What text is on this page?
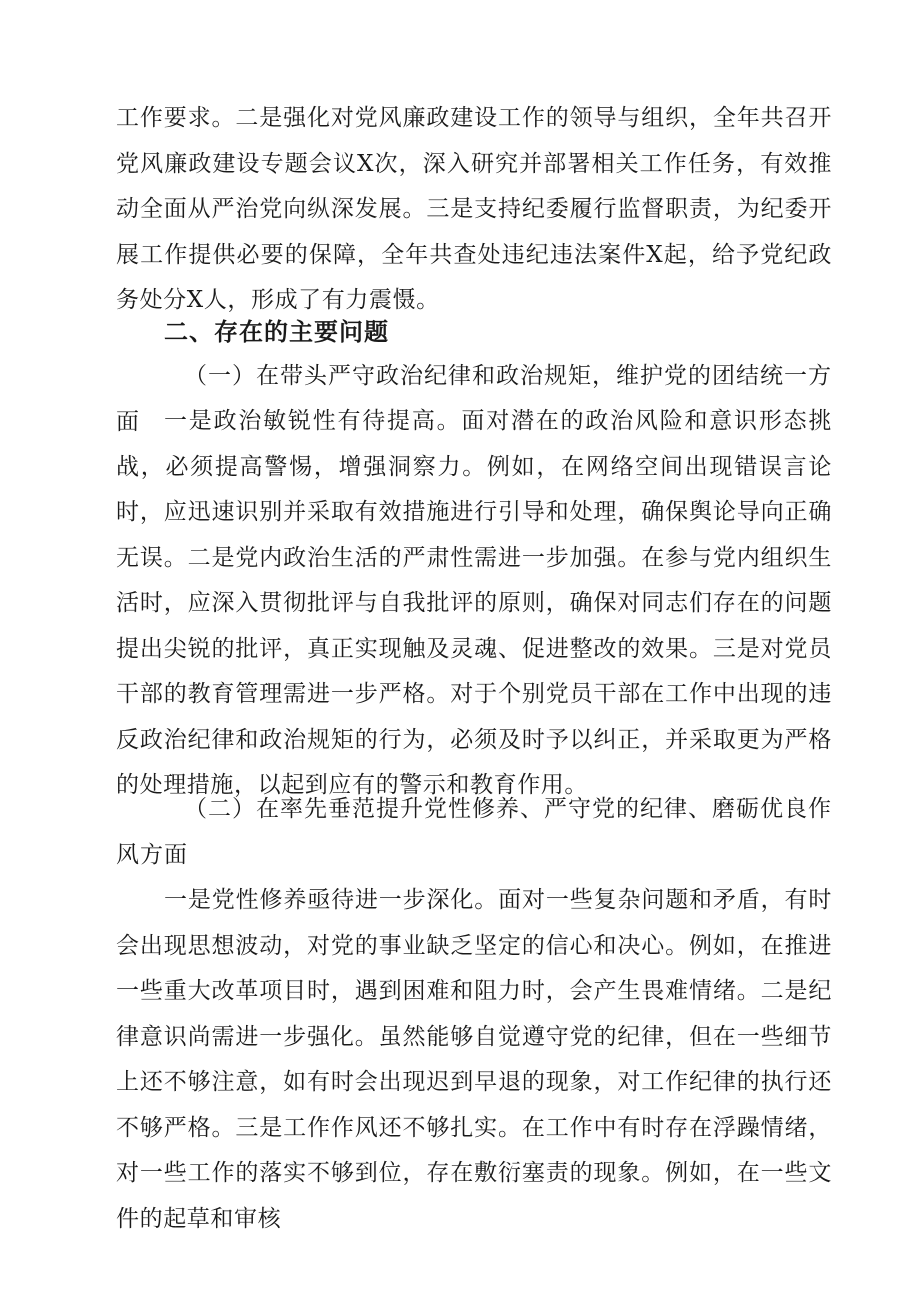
工作要求。二是强化对党风廉政建设工作的领导与组织，全年共召开党风廉政建设专题会议X次，深入研究并部署相关工作任务，有效推动全面从严治党向纵深发展。三是支持纪委履行监督职责，为纪委开展工作提供必要的保障，全年共查处违纪违法案件X起，给予党纪政务处分X人，形成了有力震慑。
二、存在的主要问题
（一）在带头严守政治纪律和政治规矩，维护党的团结统一方面	一是政治敏锐性有待提高。面对潜在的政治风险和意识形态挑战，必须提高警惕，增强洞察力。例如，在网络空间出现错误言论时，应迅速识别并采取有效措施进行引导和处理，确保舆论导向正确无误。二是党内政治生活的严肃性需进一步加强。在参与党内组织生活时，应深入贯彻批评与自我批评的原则，确保对同志们存在的问题提出尖锐的批评，真正实现触及灵魂、促进整改的效果。三是对党员干部的教育管理需进一步严格。对于个别党员干部在工作中出现的违反政治纪律和政治规矩的行为，必须及时予以纠正，并采取更为严格的处理措施，以起到应有的警示和教育作用。
（二）在率先垂范提升党性修养、严守党的纪律、磨砺优良作风方面
一是党性修养亟待进一步深化。面对一些复杂问题和矛盾，有时会出现思想波动，对党的事业缺乏坚定的信心和决心。例如，在推进一些重大改革项目时，遇到困难和阻力时，会产生畏难情绪。二是纪律意识尚需进一步强化。虽然能够自觉遵守党的纪律，但在一些细节上还不够注意，如有时会出现迟到早退的现象，对工作纪律的执行还不够严格。三是工作作风还不够扎实。在工作中有时存在浮躁情绪，对一些工作的落实不够到位，存在敷衍塞责的现象。例如，在一些文件的起草和审核
